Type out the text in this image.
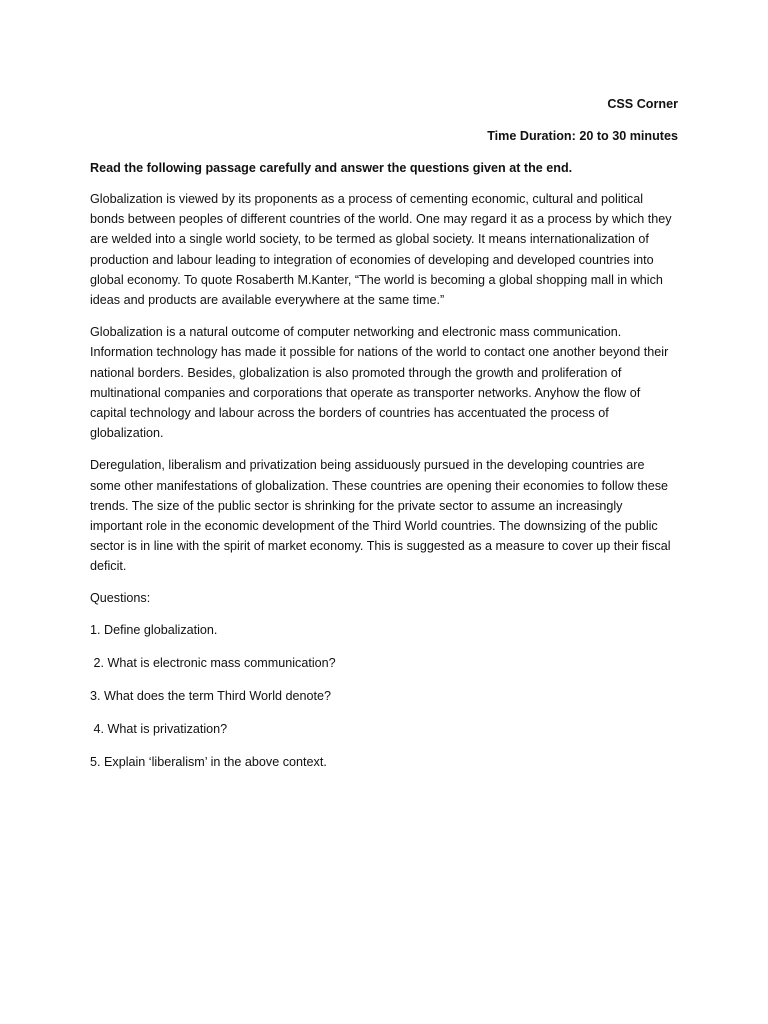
CSS Corner

Time Duration: 20 to 30 minutes

Read the following passage carefully and answer the questions given at the end.

Globalization is viewed by its proponents as a process of cementing economic, cultural and political bonds between peoples of different countries of the world. One may regard it as a process by which they are welded into a single world society, to be termed as global society. It means internationalization of production and labour leading to integration of economies of developing and developed countries into global economy. To quote Rosaberth M.Kanter, “The world is becoming a global shopping mall in which ideas and products are available everywhere at the same time.”

Globalization is a natural outcome of computer networking and electronic mass communication. Information technology has made it possible for nations of the world to contact one another beyond their national borders. Besides, globalization is also promoted through the growth and proliferation of multinational companies and corporations that operate as transporter networks. Anyhow the flow of capital technology and labour across the borders of countries has accentuated the process of globalization.

Deregulation, liberalism and privatization being assiduously pursued in the developing countries are some other manifestations of globalization. These countries are opening their economies to follow these trends. The size of the public sector is shrinking for the private sector to assume an increasingly important role in the economic development of the Third World countries. The downsizing of the public sector is in line with the spirit of market economy. This is suggested as a measure to cover up their fiscal deficit.

Questions:

1. Define globalization.

2. What is electronic mass communication?

3. What does the term Third World denote?

4. What is privatization?

5. Explain ‘liberalism’ in the above context.
